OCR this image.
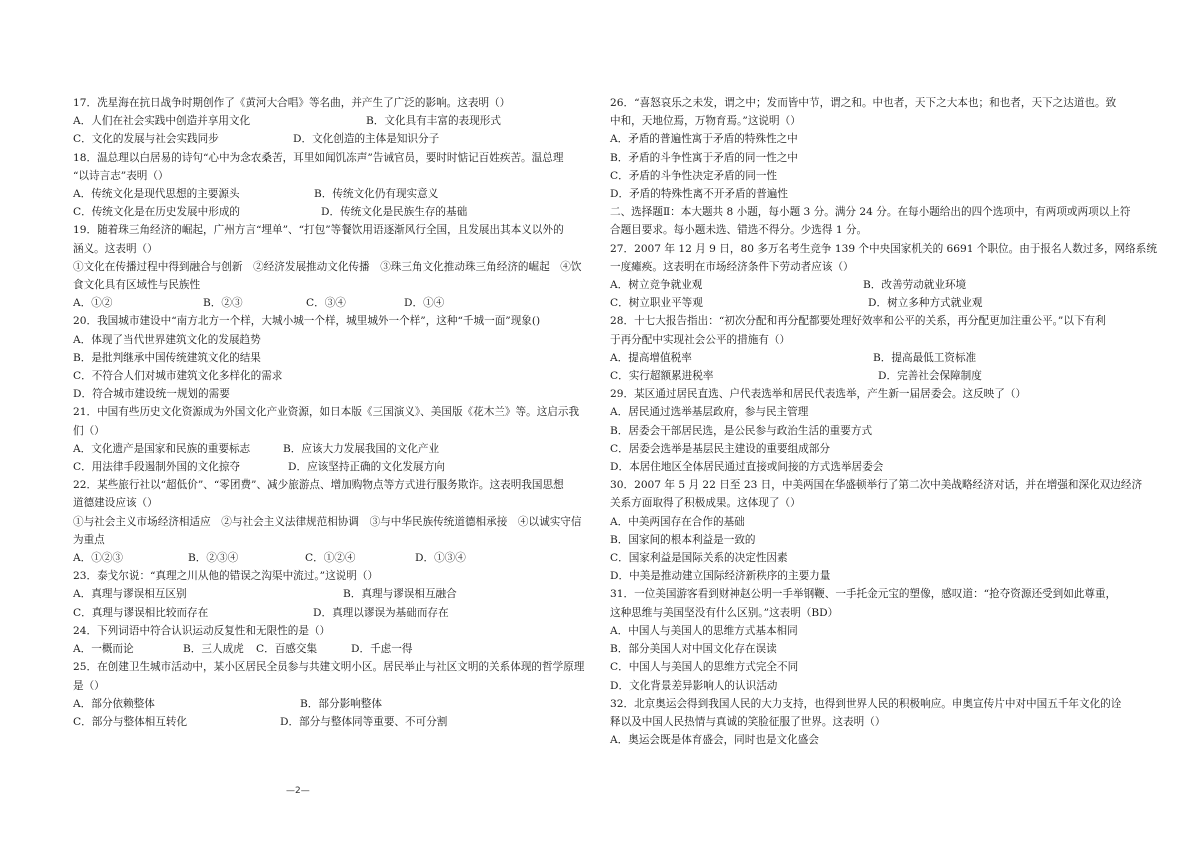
17．冼星海在抗日战争时期创作了《黄河大合唱》等名曲，并产生了广泛的影响。这表明（）
A．人们在社会实践中创造并享用文化	B．文化具有丰富的表现形式
C．文化的发展与社会实践同步	D．文化创造的主体是知识分子
18．温总理以白居易的诗句“心中为念农桑苦，耳里如闻饥冻声”告诫官员，要时时惦记百姓疾苦。温总理
“以诗言志”表明（）
A．传统文化是现代思想的主要源头	B．传统文化仍有现实意义
C．传统文化是在历史发展中形成的	D．传统文化是民族生存的基础
19．随着珠三角经济的崛起，广州方言“埋单”、“打包”等餐饮用语逐渐风行全国，且发展出其本义以外的
涵义。这表明（）
①文化在传播过程中得到融合与创新　②经济发展推动文化传播　③珠三角文化推动珠三角经济的崛起　④饮
食文化具有区域性与民族性
A．①②	B．②③	C．③④	D．①④
20．我国城市建设中“南方北方一个样，大城小城一个样，城里城外一个样”，这种“千城一面”现象()
A．体现了当代世界建筑文化的发展趋势
B．是批判继承中国传统建筑文化的结果
C．不符合人们对城市建筑文化多样化的需求
D．符合城市建设统一规划的需要
21．中国有些历史文化资源成为外国文化产业资源，如日本版《三国演义》、美国版《花木兰》等。这启示我
们（）
A．文化遗产是国家和民族的重要标志	B．应该大力发展我国的文化产业
C．用法律手段遏制外国的文化掠夺	D．应该坚持正确的文化发展方向
22．某些旅行社以“超低价”、“零团费”、减少旅游点、增加购物点等方式进行服务欺诈。这表明我国思想
道德建设应该（）
①与社会主义市场经济相适应　②与社会主义法律规范相协调　③与中华民族传统道德相承接　④以诚实守信
为重点
A．①②③	B．②③④	C．①②④	D．①③④
23．泰戈尔说：“真理之川从他的错误之沟渠中流过。”这说明（）
A．真理与谬误相互区别	B．真理与谬误相互融合
C．真理与谬误相比较而存在	D．真理以谬误为基础而存在
24．下列词语中符合认识运动反复性和无限性的是（）
A．一概而论	B．三人成虎	C．百感交集	D．千虑一得
25．在创建卫生城市活动中，某小区居民全员参与共建文明小区。居民举止与社区文明的关系体现的哲学原理
是（）
A．部分依赖整体	B．部分影响整体
C．部分与整体相互转化	D．部分与整体同等重要、不可分割
26．“喜怒哀乐之未发，谓之中；发而皆中节，谓之和。中也者，天下之大本也；和也者，天下之达道也。致
中和，天地位焉，万物育焉。”这说明（）
A．矛盾的普遍性寓于矛盾的特殊性之中
B．矛盾的斗争性寓于矛盾的同一性之中
C．矛盾的斗争性决定矛盾的同一性
D．矛盾的特殊性离不开矛盾的普遍性
二、选择题Ⅱ：本大题共 8 小题，每小题 3 分。满分 24 分。在每小题给出的四个选项中，有两项或两项以上符
合题目要求。每小题未选、错选不得分。少选得 1 分。
27．2007 年 12 月 9 日，80 多万名考生竞争 139 个中央国家机关的 6691 个职位。由于报名人数过多，网络系统
一度瘫痪。这表明在市场经济条件下劳动者应该（）
A．树立竞争就业观	B．改善劳动就业环境
C．树立职业平等观	D．树立多种方式就业观
28．十七大报告指出：“初次分配和再分配都要处理好效率和公平的关系，再分配更加注重公平。”以下有利
于再分配中实现社会公平的措施有（）
A．提高增值税率	B．提高最低工资标准
C．实行超额累进税率	D．完善社会保障制度
29．某区通过居民直选、户代表选举和居民代表选举，产生新一届居委会。这反映了（）
A．居民通过选举基层政府，参与民主管理
B．居委会干部居民选，是公民参与政治生活的重要方式
C．居委会选举是基层民主建设的重要组成部分
D．本居住地区全体居民通过直接或间接的方式选举居委会
30．2007 年 5 月 22 日至 23 日，中美两国在华盛顿举行了第二次中美战略经济对话，并在增强和深化双边经济
关系方面取得了积极成果。这体现了（）
A．中美两国存在合作的基础
B．国家间的根本利益是一致的
C．国家利益是国际关系的决定性因素
D．中美是推动建立国际经济新秩序的主要力量
31．一位美国游客看到财神赵公明一手举钢鞭、一手托金元宝的塑像，感叹道：“抢夺资源还受到如此尊重，
这种思维与美国坚没有什么区别。”这表明（BD）
A．中国人与美国人的思维方式基本相同
B．部分美国人对中国文化存在误读
C．中国人与美国人的思维方式完全不同
D．文化背景差异影响人的认识活动
32．北京奥运会得到我国人民的大力支持，也得到世界人民的积极响应。申奥宣传片中对中国五千年文化的诠
释以及中国人民热情与真诚的笑脸征服了世界。这表明（）
A．奥运会既是体育盛会，同时也是文化盛会
—2—
